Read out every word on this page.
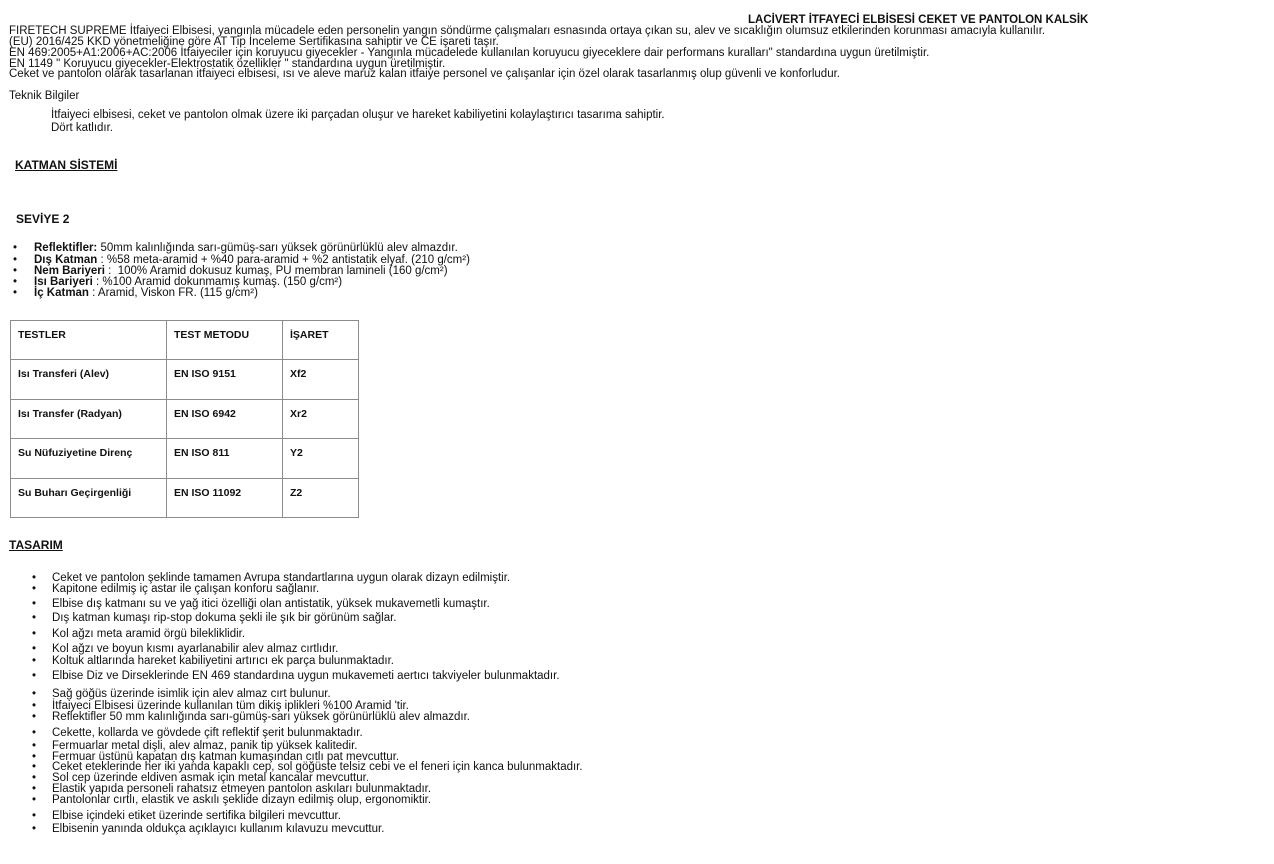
LACİVERT İTFAYECİ ELBİSESİ CEKET VE PANTOLON KALSİK
FIRETECH SUPREME İtfaiyeci Elbisesi, yangınla mücadele eden personelin yangın söndürme çalışmaları esnasında ortaya çıkan su, alev ve sıcaklığın olumsuz etkilerinden korunması amacıyla kullanılır.
(EU) 2016/425 KKD yönetmeliğine göre AT Tip İnceleme Sertifikasına sahiptir ve CE işareti taşır.
EN 469:2005+A1:2006+AC:2006 İtfaiyeciler için koruyucu giyecekler - Yangınla mücadelede kullanılan koruyucu giyeceklere dair performans kuralları" standardına uygun üretilmiştir.
EN 1149 " Koruyucu giyecekler-Elektrostatik özellikler " standardına uygun üretilmiştir.
Ceket ve pantolon olarak tasarlanan itfaiyeci elbisesi, ısı ve aleve maruz kalan itfaiye personel ve çalışanlar için özel olarak tasarlanmış olup güvenli ve konforludur.
Teknik Bilgiler
İtfaiyeci elbisesi, ceket ve pantolon olmak üzere iki parçadan oluşur ve hareket kabiliyetini kolaylaştırıcı tasarıma sahiptir.
Dört katlıdır.
KATMAN SİSTEMİ
SEVİYE 2
• Reflektifler: 50mm kalınlığında sarı-gümüş-sarı yüksek görünürlüklü alev almazdır.
• Dış Katman : %58 meta-aramid + %40 para-aramid + %2 antistatik elyaf. (210 g/cm²)
• Nem Bariyeri :  100% Aramid dokusuz kumaş, PU membran lamineli (160 g/cm²)
• Isı Bariyeri : %100 Aramid dokunmamış kumaş. (150 g/cm²)
• İç Katman : Aramid, Viskon FR. (115 g/cm²)
TESTLER	TEST METODU	İŞARET
Isı Transferi (Alev)	EN ISO 9151	Xf2
Isı Transfer (Radyan)	EN ISO 6942	Xr2
Su Nüfuziyetine Direnç	EN ISO 811	Y2
Su Buharı Geçirgenliği	EN ISO 11092	Z2
TASARIM
• Ceket ve pantolon şeklinde tamamen Avrupa standartlarına uygun olarak dizayn edilmiştir.
• Kapitone edilmiş iç astar ile çalışan konforu sağlanır.
• Elbise dış katmanı su ve yağ itici özelliği olan antistatik, yüksek mukavemetli kumaştır.
• Dış katman kumaşı rip-stop dokuma şekli ile şık bir görünüm sağlar.
• Kol ağzı meta aramid örgü bilekliklidir.
• Kol ağzı ve boyun kısmı ayarlanabilir alev almaz cırtlıdır.
• Koltuk altlarında hareket kabiliyetini artırıcı ek parça bulunmaktadır.
• Elbise Diz ve Dirseklerinde EN 469 standardına uygun mukavemeti aertıcı takviyeler bulunmaktadır.
• Sağ göğüs üzerinde isimlik için alev almaz cırt bulunur.
• İtfaiyeci Elbisesi üzerinde kullanılan tüm dikiş iplikleri %100 Aramid 'tir.
• Reflektifler 50 mm kalınlığında sarı-gümüş-sarı yüksek görünürlüklü alev almazdır.
• Cekette, kollarda ve gövdede çift reflektif şerit bulunmaktadır.
• Fermuarlar metal dişli, alev almaz, panik tip yüksek kalitedir.
• Fermuar üstünü kapatan dış katman kumaşından cıtlı pat mevcuttur.
• Ceket eteklerinde her iki yanda kapaklı cep, sol göğüste telsiz cebi ve el feneri için kanca bulunmaktadır.
• Sol cep üzerinde eldiven asmak için metal kancalar mevcuttur.
• Elastik yapıda personeli rahatsız etmeyen pantolon askıları bulunmaktadır.
• Pantolonlar cırtlı, elastik ve askılı şeklide dizayn edilmiş olup, ergonomiktir.
• Elbise içindeki etiket üzerinde sertifika bilgileri mevcuttur.
• Elbisenin yanında oldukça açıklayıcı kullanım kılavuzu mevcuttur.
